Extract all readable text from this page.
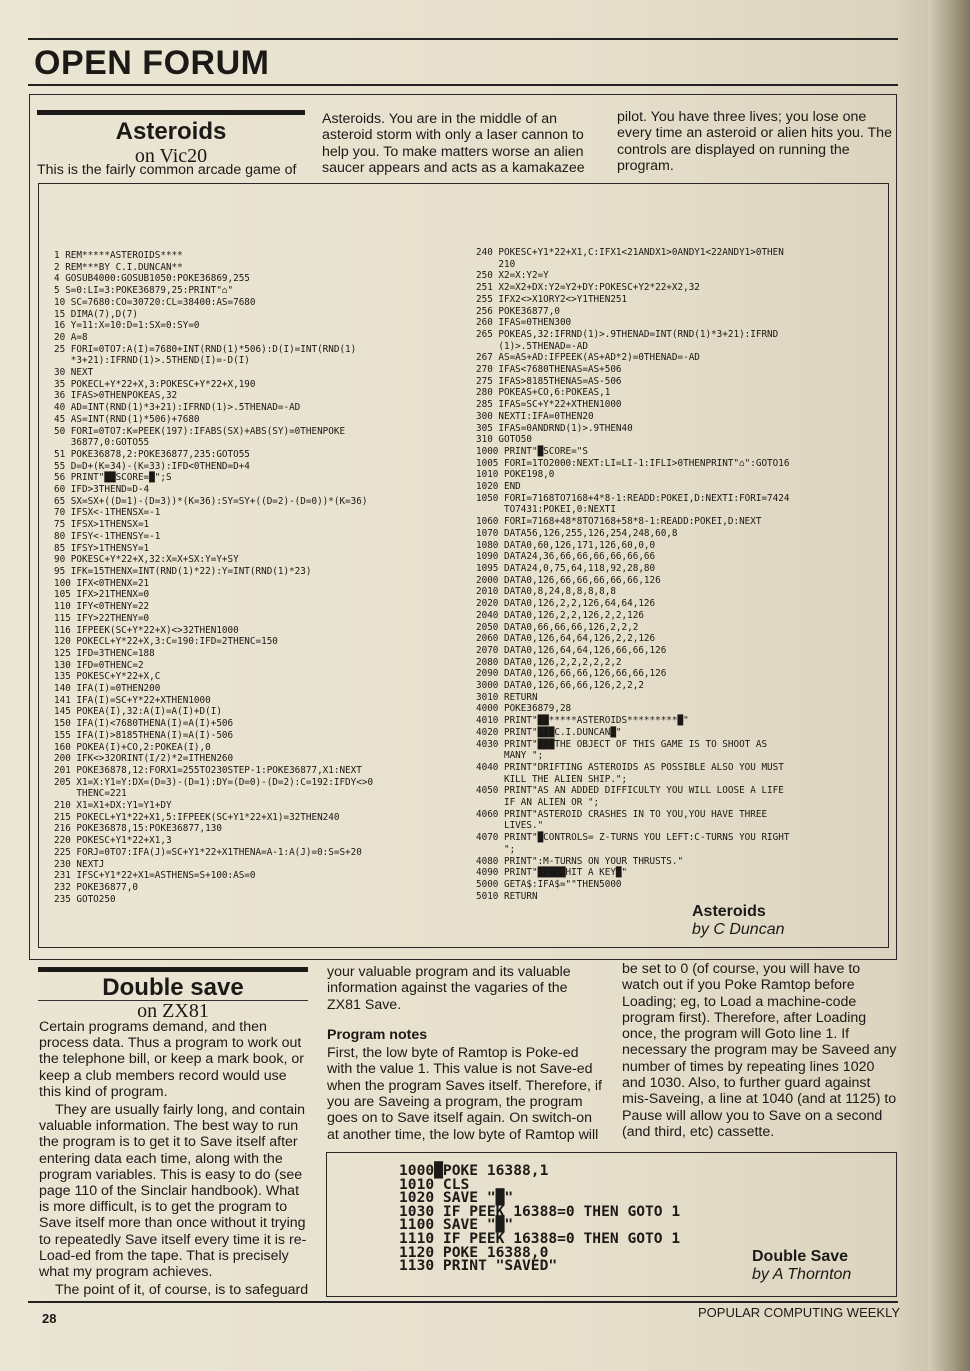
OPEN FORUM
Asteroids
on Vic20
This is the fairly common arcade game of
Asteroids. You are in the middle of an asteroid storm with only a laser cannon to help you. To make matters worse an alien saucer appears and acts as a kamakazee
pilot. You have three lives; you lose one every time an asteroid or alien hits you. The controls are displayed on running the program.
1 REM*****ASTEROIDS****
2 REM***BY C.I.DUNCAN**
4 GOSUB4000:GOSUB1050:POKE36869,255
5 S=0:LI=3:POKE36879,25:PRINT"⌂"
10 SC=7680:CO=30720:CL=38400:AS=7680
15 DIMA(7),D(7)
16 Y=11:X=10:D=1:SX=0:SY=0
20 A=8
25 FORI=0TO7:A(I)=7680+INT(RND(1)*506):D(I)=INT(RND(1)
*3+21):IFRND(1)>.5THEND(I)=-D(I)
30 NEXT
35 POKECL+Y*22+X,3:POKESC+Y*22+X,190
36 IFAS>0THENPOKEAS,32
40 AD=INT(RND(1)*3+21):IFRND(1)>.5THENAD=-AD
45 AS=INT(RND(1)*506)+7680
50 FORI=0TO7:K=PEEK(197):IFABS(SX)+ABS(SY)=0THENPOKE
36877,0:GOTO55
51 POKE36878,2:POKE36877,235:GOTO55
55 D=D+(K=34)-(K=33):IFD<0THEND=D+4
56 PRINT"██SCORE=█";S
60 IFD>3THEND=D-4
65 SX=SX+((D=1)-(D=3))*(K=36):SY=SY+((D=2)-(D=0))*(K=36)
70 IFSX<-1THENSX=-1
75 IFSX>1THENSX=1
80 IFSY<-1THENSY=-1
85 IFSY>1THENSY=1
90 POKESC+Y*22+X,32:X=X+SX:Y=Y+SY
95 IFK=15THENX=INT(RND(1)*22):Y=INT(RND(1)*23)
100 IFX<0THENX=21
105 IFX>21THENX=0
110 IFY<0THENY=22
115 IFY>22THENY=0
116 IFPEEK(SC+Y*22+X)<>32THEN1000
120 POKECL+Y*22+X,3:C=190:IFD=2THENC=150
125 IFD=3THENC=188
130 IFD=0THENC=2
135 POKESC+Y*22+X,C
140 IFA(I)=0THEN200
141 IFA(I)=SC+Y*22+XTHEN1000
145 POKEA(I),32:A(I)=A(I)+D(I)
150 IFA(I)<7680THENA(I)=A(I)+506
155 IFA(I)>8185THENA(I)=A(I)-506
160 POKEA(I)+CO,2:POKEA(I),0
200 IFK<>32ORINT(I/2)*2=ITHEN260
201 POKE36878,12:FORX1=255TO230STEP-1:POKE36877,X1:NEXT
205 X1=X:Y1=Y:DX=(D=3)-(D=1):DY=(D=0)-(D=2):C=192:IFDY<>0
THENC=221
210 X1=X1+DX:Y1=Y1+DY
215 POKECL+Y1*22+X1,5:IFPEEK(SC+Y1*22+X1)=32THEN240
216 POKE36878,15:POKE36877,130
220 POKESC+Y1*22+X1,3
225 FORJ=0TO7:IFA(J)=SC+Y1*22+X1THENA=A-1:A(J)=0:S=S+20
230 NEXTJ
231 IFSC+Y1*22+X1=ASTHENS=S+100:AS=0
232 POKE36877,0
235 GOTO250
240 POKESC+Y1*22+X1,C:IFX1<21ANDX1>0ANDY1<22ANDY1>0THEN
210
250 X2=X:Y2=Y
251 X2=X2+DX:Y2=Y2+DY:POKESC+Y2*22+X2,32
255 IFX2<>X1ORY2<>Y1THEN251
256 POKE36877,0
260 IFAS=0THEN300
265 POKEAS,32:IFRND(1)>.9THENAD=INT(RND(1)*3+21):IFRND
(1)>.5THENAD=-AD
267 AS=AS+AD:IFPEEK(AS+AD*2)=0THENAD=-AD
270 IFAS<7680THENAS=AS+506
275 IFAS>8185THENAS=AS-506
280 POKEAS+CO,6:POKEAS,1
285 IFAS=SC+Y*22+XTHEN1000
300 NEXTI:IFA=0THEN20
305 IFAS=0ANDRND(1)>.9THEN40
310 GOTO50
1000 PRINT"█SCORE="S
1005 FORI=1TO2000:NEXT:LI=LI-1:IFLI>0THENPRINT"⌂":GOTO16
1010 POKE198,0
1020 END
1050 FORI=7168TO7168+4*8-1:READD:POKEI,D:NEXTI:FORI=7424
TO7431:POKEI,0:NEXTI
1060 FORI=7168+48*8TO7168+58*8-1:READD:POKEI,D:NEXT
1070 DATA56,126,255,126,254,248,60,8
1080 DATA0,60,126,171,126,60,0,0
1090 DATA24,36,66,66,66,66,66,66
1095 DATA24,0,75,64,118,92,28,80
2000 DATA0,126,66,66,66,66,66,126
2010 DATA0,8,24,8,8,8,8,8
2020 DATA0,126,2,2,126,64,64,126
2040 DATA0,126,2,2,126,2,2,126
2050 DATA0,66,66,66,126,2,2,2
2060 DATA0,126,64,64,126,2,2,126
2070 DATA0,126,64,64,126,66,66,126
2080 DATA0,126,2,2,2,2,2,2
2090 DATA0,126,66,66,126,66,66,126
3000 DATA0,126,66,66,126,2,2,2
3010 RETURN
4000 POKE36879,28
4010 PRINT"██*****ASTEROIDS*********█"
4020 PRINT"███C.I.DUNCAN█"
4030 PRINT"███THE OBJECT OF THIS GAME IS TO SHOOT AS
MANY ";
4040 PRINT"DRIFTING ASTEROIDS AS POSSIBLE ALSO YOU MUST
KILL THE ALIEN SHIP.";
4050 PRINT"AS AN ADDED DIFFICULTY YOU WILL LOOSE A LIFE
IF AN ALIEN OR ";
4060 PRINT"ASTEROID CRASHES IN TO YOU,YOU HAVE THREE
LIVES."
4070 PRINT"█CONTROLS= Z-TURNS YOU LEFT:C-TURNS YOU RIGHT
";
4080 PRINT":M-TURNS ON YOUR THRUSTS."
4090 PRINT"█████HIT A KEY█"
5000 GETA$:IFA$=""THEN5000
5010 RETURN
Asteroids
by C Duncan
Double save
on ZX81

Certain programs demand, and then process data. Thus a program to work out the telephone bill, or keep a mark book, or keep a club members record would use this kind of program.

They are usually fairly long, and contain valuable information. The best way to run the program is to get it to Save itself after entering data each time, along with the program variables. This is easy to do (see page 110 of the Sinclair handbook). What is more difficult, is to get the program to Save itself more than once without it trying to repeatedly Save itself every time it is re-Load-ed from the tape. That is precisely what my program achieves.

The point of it, of course, is to safeguard

your valuable program and its valuable information against the vagaries of the ZX81 Save.

Program notes

First, the low byte of Ramtop is Poke-ed with the value 1. This value is not Save-ed when the program Saves itself. Therefore, if you are Saveing a program, the program goes on to Save itself again. On switch-on at another time, the low byte of Ramtop will

be set to 0 (of course, you will have to watch out if you Poke Ramtop before Loading; eg, to Load a machine-code program first). Therefore, after Loading once, the program will Goto line 1. If necessary the program may be Saveed any number of times by repeating lines 1020 and 1030. Also, to further guard against mis-Saveing, a line at 1040 (and at 1125) to Pause will allow you to Save on a second (and third, etc) cassette.
1000█POKE 16388,1
1010 CLS
1020 SAVE "█"
1030 IF PEEK 16388=0 THEN GOTO 1
1100 SAVE "█"
1110 IF PEEK 16388=0 THEN GOTO 1
1120 POKE 16388,0
1130 PRINT "SAVED"
Double Save
by A Thornton
28	POPULAR COMPUTING WEEKLY
